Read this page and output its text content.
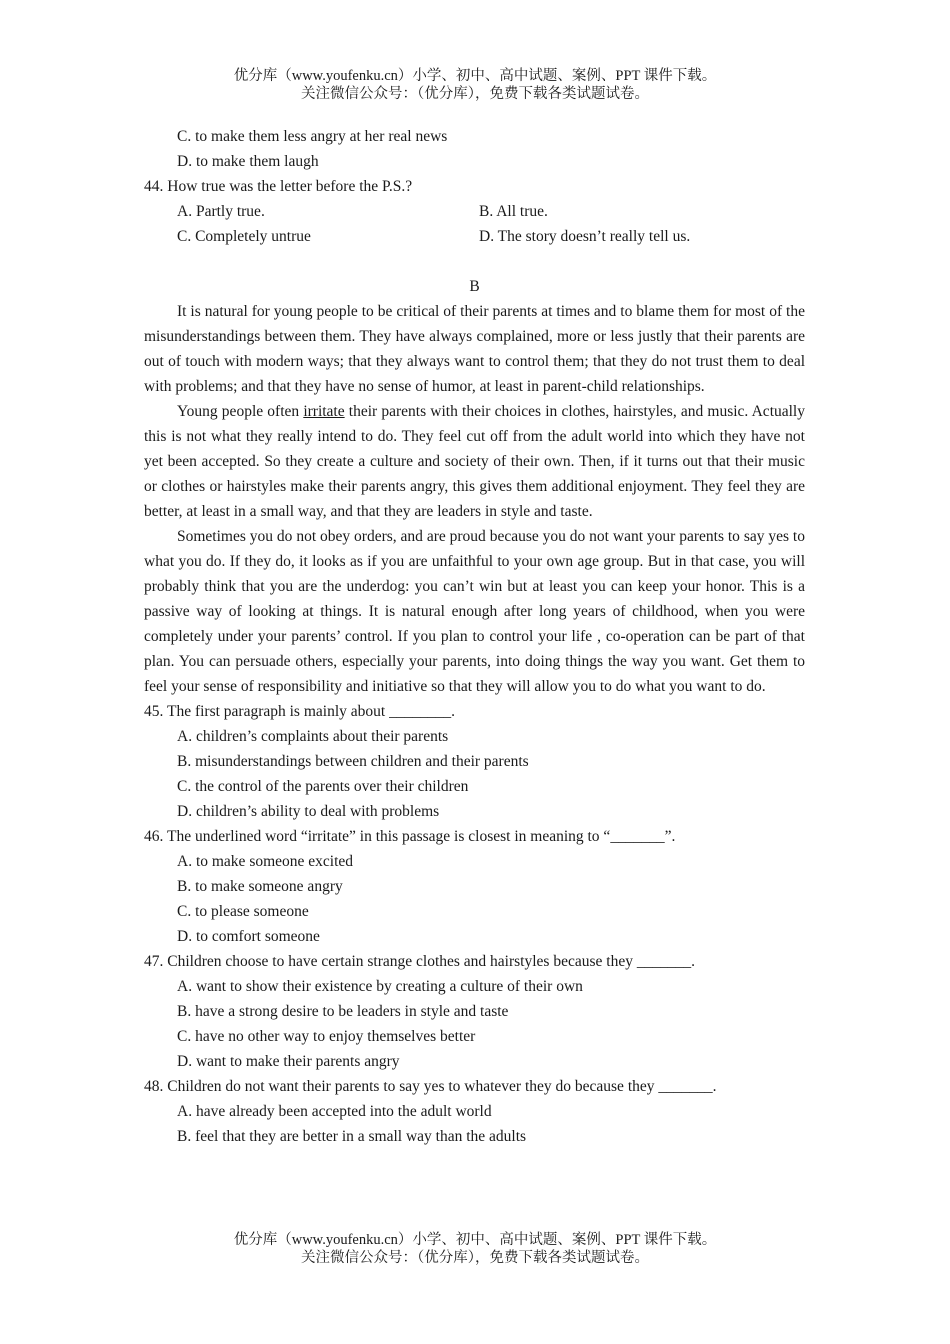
优分库（www.youfenku.cn）小学、初中、高中试题、案例、PPT 课件下载。
关注微信公众号：（优分库），免费下载各类试题试卷。
C. to make them less angry at her real news
D. to make them laugh
44. How true was the letter before the P.S.?
A. Partly true.	B. All true.
C. Completely untrue	D. The story doesn’t really tell us.
B

It is natural for young people to be critical of their parents at times and to blame them for most of the misunderstandings between them. They have always complained, more or less justly that their parents are out of touch with modern ways; that they always want to control them; that they do not trust them to deal with problems; and that they have no sense of humor, at least in parent-child relationships.

Young people often irritate their parents with their choices in clothes, hairstyles, and music. Actually this is not what they really intend to do. They feel cut off from the adult world into which they have not yet been accepted. So they create a culture and society of their own. Then, if it turns out that their music or clothes or hairstyles make their parents angry, this gives them additional enjoyment. They feel they are better, at least in a small way, and that they are leaders in style and taste.

Sometimes you do not obey orders, and are proud because you do not want your parents to say yes to what you do. If they do, it looks as if you are unfaithful to your own age group. But in that case, you will probably think that you are the underdog: you can’t win but at least you can keep your honor. This is a passive way of looking at things. It is natural enough after long years of childhood, when you were completely under your parents’ control. If you plan to control your life , co-operation can be part of that plan. You can persuade others, especially your parents, into doing things the way you want. Get them to feel your sense of responsibility and initiative so that they will allow you to do what you want to do.

45. The first paragraph is mainly about ________.
A. children’s complaints about their parents
B. misunderstandings between children and their parents
C. the control of the parents over their children
D. children’s ability to deal with problems
46. The underlined word “irritate” in this passage is closest in meaning to “_______”.
A. to make someone excited
B. to make someone angry
C. to please someone
D. to comfort someone
47. Children choose to have certain strange clothes and hairstyles because they _______.
A. want to show their existence by creating a culture of their own
B. have a strong desire to be leaders in style and taste
C. have no other way to enjoy themselves better
D. want to make their parents angry
48. Children do not want their parents to say yes to whatever they do because they _______.
A. have already been accepted into the adult world
B. feel that they are better in a small way than the adults
优分库（www.youfenku.cn）小学、初中、高中试题、案例、PPT 课件下载。
关注微信公众号：（优分库），免费下载各类试题试卷。
